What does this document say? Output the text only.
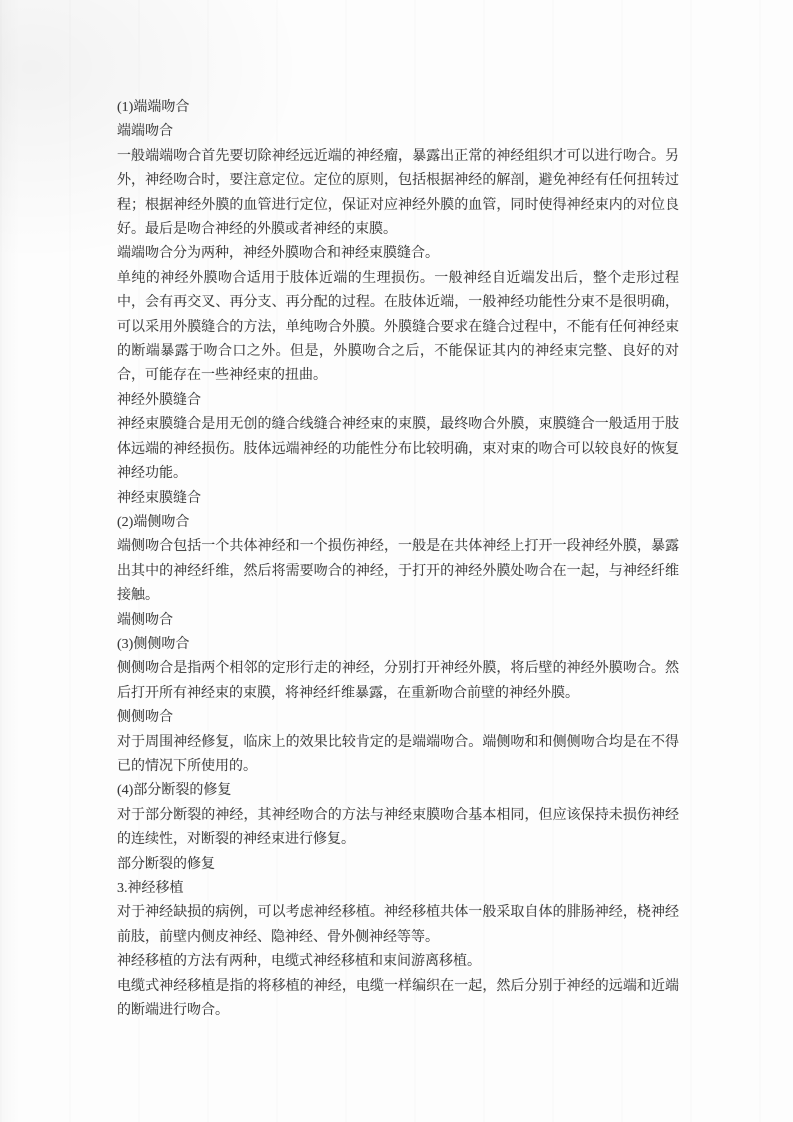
(1)端端吻合

端端吻合

一般端端吻合首先要切除神经远近端的神经瘤，暴露出正常的神经组织才可以进行吻合。另外，神经吻合时，要注意定位。定位的原则，包括根据神经的解剖，避免神经有任何扭转过程；根据神经外膜的血管进行定位，保证对应神经外膜的血管，同时使得神经束内的对位良好。最后是吻合神经的外膜或者神经的束膜。

端端吻合分为两种，神经外膜吻合和神经束膜缝合。

单纯的神经外膜吻合适用于肢体近端的生理损伤。一般神经自近端发出后，整个走形过程中，会有再交叉、再分支、再分配的过程。在肢体近端，一般神经功能性分束不是很明确，可以采用外膜缝合的方法，单纯吻合外膜。外膜缝合要求在缝合过程中，不能有任何神经束的断端暴露于吻合口之外。但是，外膜吻合之后，不能保证其内的神经束完整、良好的对合，可能存在一些神经束的扭曲。

神经外膜缝合

神经束膜缝合是用无创的缝合线缝合神经束的束膜，最终吻合外膜，束膜缝合一般适用于肢体远端的神经损伤。肢体远端神经的功能性分布比较明确，束对束的吻合可以较良好的恢复神经功能。

神经束膜缝合

(2)端侧吻合

端侧吻合包括一个共体神经和一个损伤神经，一般是在共体神经上打开一段神经外膜，暴露出其中的神经纤维，然后将需要吻合的神经，于打开的神经外膜处吻合在一起，与神经纤维接触。

端侧吻合

(3)侧侧吻合

侧侧吻合是指两个相邻的定形行走的神经，分别打开神经外膜，将后壁的神经外膜吻合。然后打开所有神经束的束膜，将神经纤维暴露，在重新吻合前壁的神经外膜。

侧侧吻合

对于周围神经修复，临床上的效果比较肯定的是端端吻合。端侧吻和和侧侧吻合均是在不得已的情况下所使用的。

(4)部分断裂的修复

对于部分断裂的神经，其神经吻合的方法与神经束膜吻合基本相同，但应该保持未损伤神经的连续性，对断裂的神经束进行修复。

部分断裂的修复

3.神经移植

对于神经缺损的病例，可以考虑神经移植。神经移植共体一般采取自体的腓肠神经，桡神经前肢，前壁内侧皮神经、隐神经、骨外侧神经等等。

神经移植的方法有两种，电缆式神经移植和束间游离移植。

电缆式神经移植是指的将移植的神经，电缆一样编织在一起，然后分别于神经的远端和近端的断端进行吻合。
